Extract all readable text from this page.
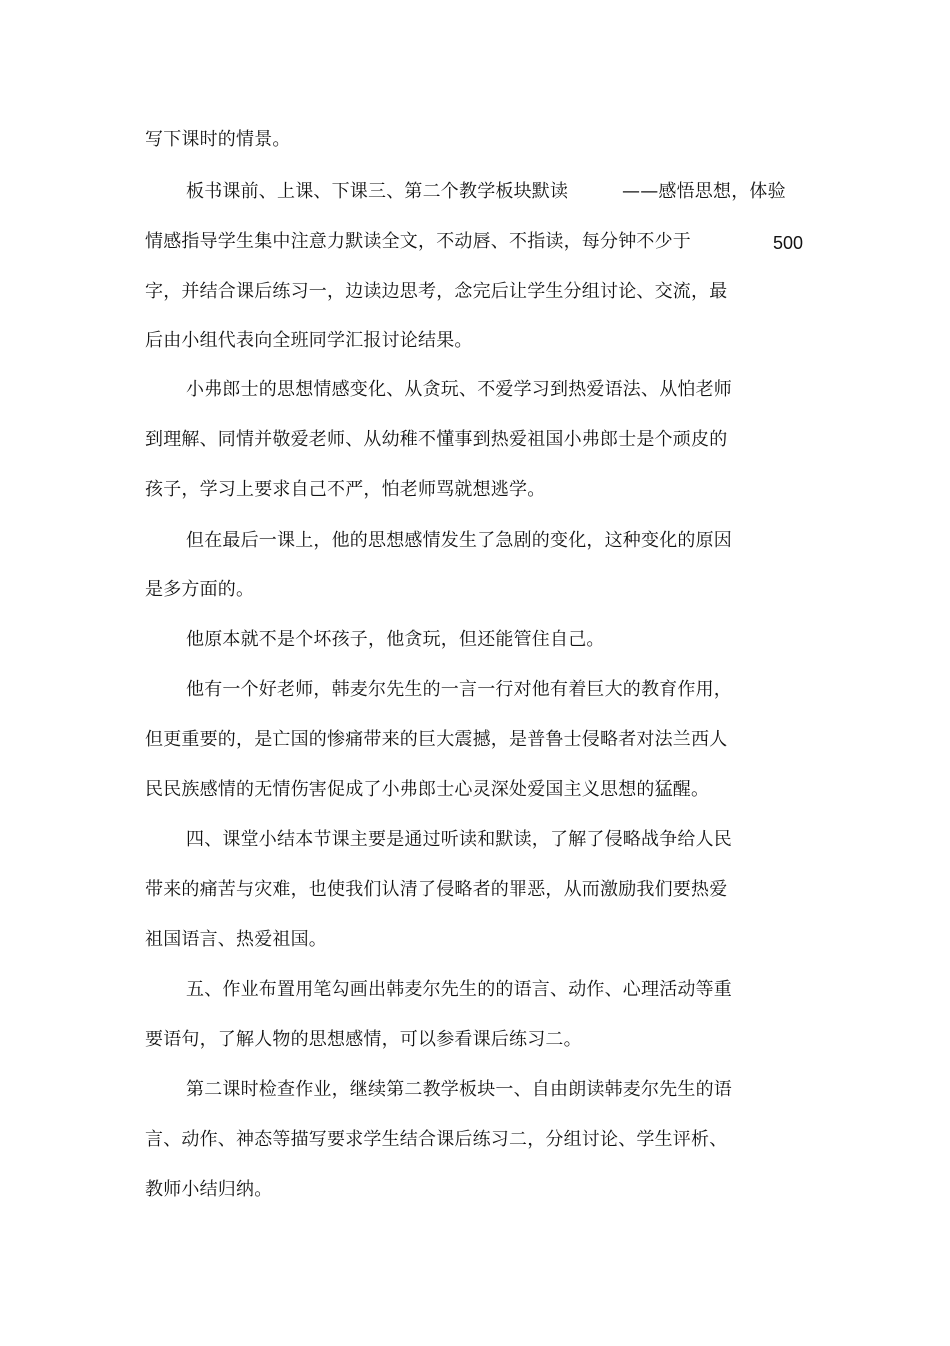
写下课时的情景。
板书课前、上课、下课三、第二个教学板块默读	——感悟思想，体验
情感指导学生集中注意力默读全文，不动唇、不指读，每分钟不少于	500
字，并结合课后练习一，边读边思考，念完后让学生分组讨论、交流，最
后由小组代表向全班同学汇报讨论结果。
小弗郎士的思想情感变化、从贪玩、不爱学习到热爱语法、从怕老师
到理解、同情并敬爱老师、从幼稚不懂事到热爱祖国小弗郎士是个顽皮的
孩子，学习上要求自己不严，怕老师骂就想逃学。
但在最后一课上，他的思想感情发生了急剧的变化，这种变化的原因
是多方面的。
他原本就不是个坏孩子，他贪玩，但还能管住自己。
他有一个好老师，韩麦尔先生的一言一行对他有着巨大的教育作用，
但更重要的，是亡国的惨痛带来的巨大震撼，是普鲁士侵略者对法兰西人
民民族感情的无情伤害促成了小弗郎士心灵深处爱国主义思想的猛醒。
四、课堂小结本节课主要是通过听读和默读，了解了侵略战争给人民
带来的痛苦与灾难，也使我们认清了侵略者的罪恶，从而激励我们要热爱
祖国语言、热爱祖国。
五、作业布置用笔勾画出韩麦尔先生的的语言、动作、心理活动等重
要语句，了解人物的思想感情，可以参看课后练习二。
第二课时检查作业，继续第二教学板块一、自由朗读韩麦尔先生的语
言、动作、神态等描写要求学生结合课后练习二，分组讨论、学生评析、
教师小结归纳。
